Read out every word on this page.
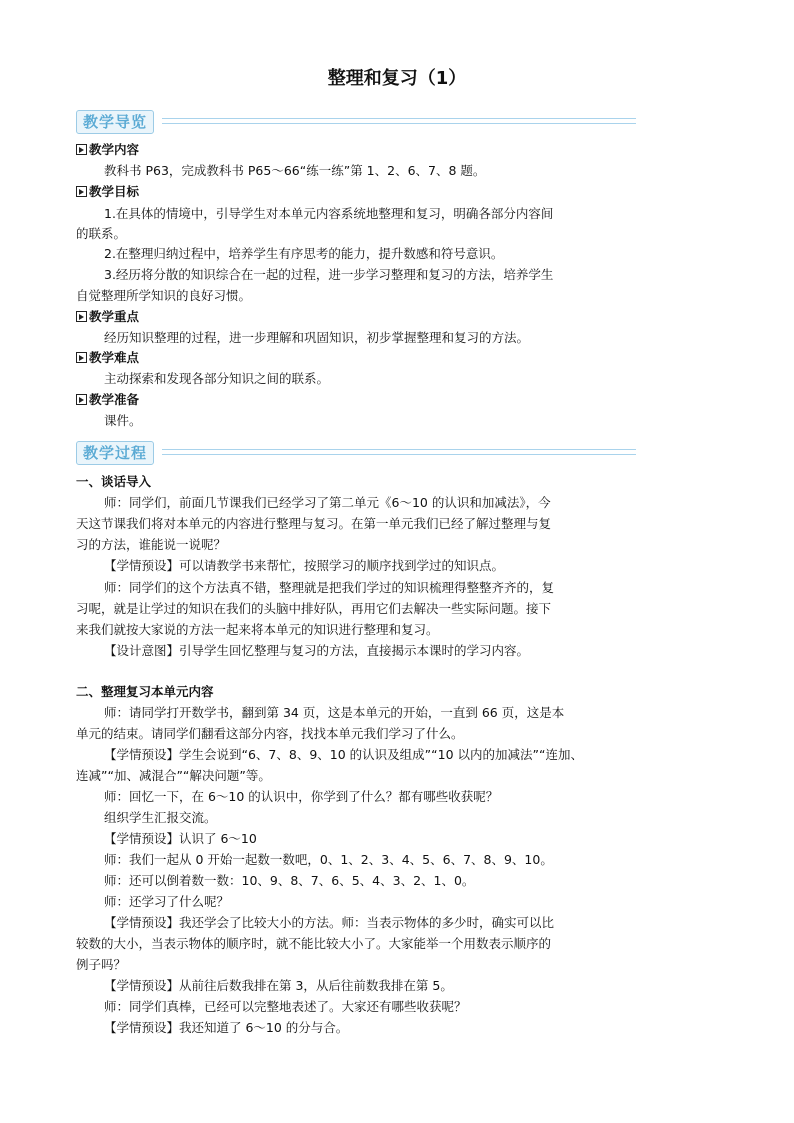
整理和复习（1）
教学导览
教学内容
教科书 P63，完成教科书 P65～66“练一练”第 1、2、6、7、8 题。
教学目标
1.在具体的情境中，引导学生对本单元内容系统地整理和复习，明确各部分内容间
的联系。
2.在整理归纳过程中，培养学生有序思考的能力，提升数感和符号意识。
3.经历将分散的知识综合在一起的过程，进一步学习整理和复习的方法，培养学生
自觉整理所学知识的良好习惯。
教学重点
经历知识整理的过程，进一步理解和巩固知识，初步掌握整理和复习的方法。
教学难点
主动探索和发现各部分知识之间的联系。
教学准备
课件。
教学过程
一、谈话导入
师：同学们，前面几节课我们已经学习了第二单元《6～10 的认识和加减法》，今
天这节课我们将对本单元的内容进行整理与复习。在第一单元我们已经了解过整理与复
习的方法，谁能说一说呢？
【学情预设】可以请教学书来帮忙，按照学习的顺序找到学过的知识点。
师：同学们的这个方法真不错，整理就是把我们学过的知识梳理得整整齐齐的，复
习呢，就是让学过的知识在我们的头脑中排好队，再用它们去解决一些实际问题。接下
来我们就按大家说的方法一起来将本单元的知识进行整理和复习。
【设计意图】引导学生回忆整理与复习的方法，直接揭示本课时的学习内容。
二、整理复习本单元内容
师：请同学打开数学书，翻到第 34 页，这是本单元的开始，一直到 66 页，这是本
单元的结束。请同学们翻看这部分内容，找找本单元我们学习了什么。
【学情预设】学生会说到“6、7、8、9、10 的认识及组成”“10 以内的加减法”“连加、
连减”“加、减混合”“解决问题”等。
师：回忆一下，在 6～10 的认识中，你学到了什么？都有哪些收获呢？
组织学生汇报交流。
【学情预设】认识了 6～10
师：我们一起从 0 开始一起数一数吧，0、1、2、3、4、5、6、7、8、9、10。
师：还可以倒着数一数：10、9、8、7、6、5、4、3、2、1、0。
师：还学习了什么呢？
【学情预设】我还学会了比较大小的方法。师：当表示物体的多少时，确实可以比
较数的大小，当表示物体的顺序时，就不能比较大小了。大家能举一个用数表示顺序的
例子吗？
【学情预设】从前往后数我排在第 3，从后往前数我排在第 5。
师：同学们真棒，已经可以完整地表述了。大家还有哪些收获呢？
【学情预设】我还知道了 6～10 的分与合。
